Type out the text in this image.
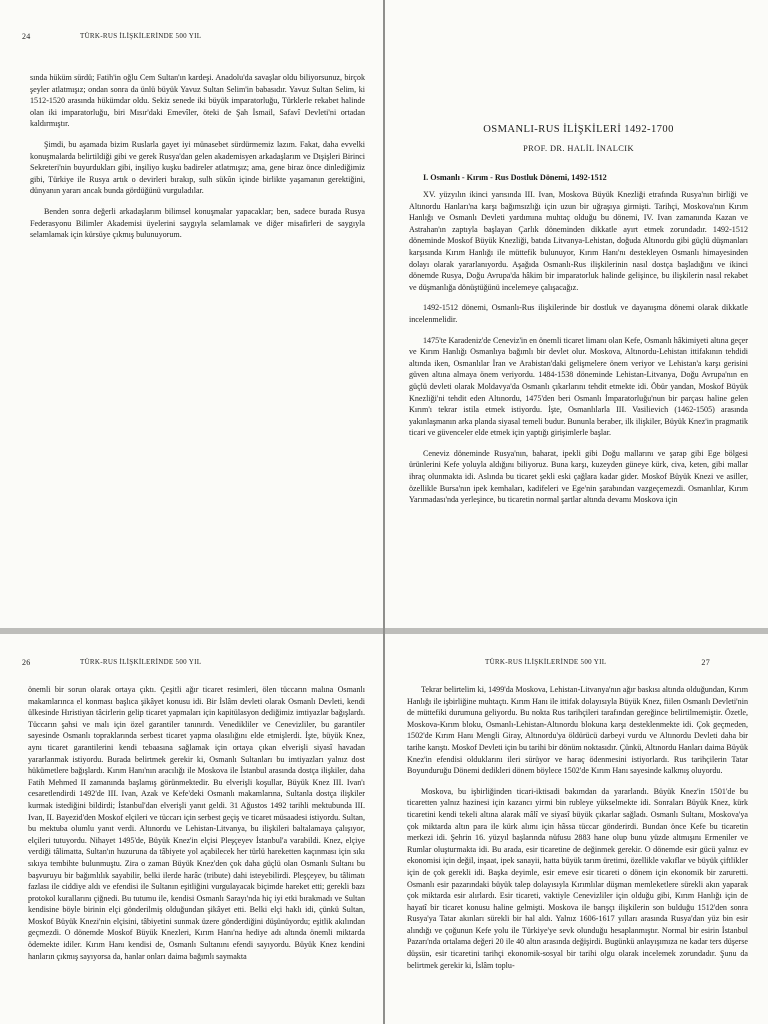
24	TÜRK-RUS İLİŞKİLERİNDE 500 YIL

sında hüküm sürdü; Fatih'in oğlu Cem Sultan'ın kardeşi. Anadolu'da savaşlar oldu biliyorsunuz, birçok şeyler atlatmışız; ondan sonra da ünlü büyük Yavuz Sultan Selim'in babasıdır. Yavuz Sultan Selim, ki 1512-1520 arasında hükümdar oldu. Sekiz senede iki büyük imparatorluğu, Türklerle rekabet halinde olan iki imparatorluğu, biri Mısır'daki Emevîler, öteki de Şah İsmail, Safavî Devleti'ni ortadan kaldırmıştır.

Şimdi, bu aşamada bizim Ruslarla gayet iyi münasebet sürdürmemiz lazım. Fakat, daha evvelki konuşmalarda belirtildiği gibi ve gerek Rusya'dan gelen akademisyen arkadaşlarım ve Dışişleri Birinci Sekreteri'nin buyurdukları gibi, inşiliyo kuşku badireler atlatmışız; ama, gene biraz önce dinlediğimiz gibi, Türkiye ile Rusya artık o devirleri bırakıp, sulh sükûn içinde birlikte yaşamanın gerektiğini, dünyanın yararı ancak bunda gördüğünü vurguladılar.

Benden sonra değerli arkadaşlarım bilimsel konuşmalar yapacaklar; ben, sadece burada Rusya Federasyonu Bilimler Akademisi üyelerini saygıyla selamlamak ve diğer misafirleri de saygıyla selamlamak için kürsüye çıkmış bulunuyorum.

OSMANLI-RUS İLİŞKİLERİ 1492-1700
PROF. DR. HALİL İNALCIK
I. Osmanlı - Kırım - Rus Dostluk Dönemi, 1492-1512

XV. yüzyılın ikinci yarısında III. Ivan, Moskova Büyük Knezliği etrafında Rusya'nın birliği ve Altınordu Hanları'na karşı bağımsızlığı için uzun bir uğraşıya girmişti. Tarihçi, Moskova'nın Kırım Hanlığı ve Osmanlı Devleti yardımına muhtaç olduğu bu dönemi, IV. Ivan zamanında Kazan ve Astrahan'ın zaptıyla başlayan Çarlık döneminden dikkatle ayırt etmek zorundadır. 1492-1512 döneminde Moskof Büyük Knezliği, batıda Litvanya-Lehistan, doğuda Altınordu gibi güçlü düşmanları karşısında Kırım Hanlığı ile müttefik bulunuyor, Kırım Hanı'nı destekleyen Osmanlı himayesinden dolayı olarak yararlanıyordu. Aşağıda Osmanlı-Rus ilişkilerinin nasıl dostça başladığını ve ikinci dönemde Rusya, Doğu Avrupa'da hâkim bir imparatorluk halinde gelişince, bu ilişkilerin nasıl rekabet ve düşmanlığa dönüştüğünü incelemeye çalışacağız.

1492-1512 dönemi, Osmanlı-Rus ilişkilerinde bir dostluk ve dayanışma dönemi olarak dikkatle incelenmelidir.

1475'te Karadeniz'de Ceneviz'in en önemli ticaret limanı olan Kefe, Osmanlı hâkimiyeti altına geçer ve Kırım Hanlığı Osmanlıya bağımlı bir devlet olur. Moskova, Altınordu-Lehistan ittifakının tehdidi altında iken, Osmanlılar İran ve Arabistan'daki gelişmelere önem veriyor ve Lehistan'a karşı gerisini güven altına almaya önem veriyordu. 1484-1538 döneminde Lehistan-Litvanya, Doğu Avrupa'nın en güçlü devleti olarak Moldavya'da Osmanlı çıkarlarını tehdit etmekte idi. Öbür yandan, Moskof Büyük Knezliği'ni tehdit eden Altınordu, 1475'den beri Osmanlı İmparatorluğu'nun bir parçası haline gelen Kırım'ı tekrar istila etmek istiyordu. İşte, Osmanlılarla III. Vasilievich (1462-1505) arasında yakınlaşmanın arka planda siyasal temeli budur. Bununla beraber, ilk ilişkiler, Büyük Knez'in pragmatik ticari ve güvenceler elde etmek için yaptığı girişimlerle başlar.

Ceneviz döneminde Rusya'nın, baharat, ipekli gibi Doğu mallarını ve şarap gibi Ege bölgesi ürünlerini Kefe yoluyla aldığını biliyoruz. Buna karşı, kuzeyden güneye kürk, civa, keten, gibi mallar ihraç olunmakta idi. Aslında bu ticaret şekli eski çağlara kadar gider. Moskof Büyük Knezi ve asiller, özellikle Bursa'nın ipek kemhaları, kadifeleri ve Ege'nin şarabından vazgeçemezdi. Osmanlılar, Kırım Yarımadası'nda yerleşince, bu ticaretin normal şartlar altında devamı Moskova için

26	TÜRK-RUS İLİŞKİLERİNDE 500 YIL

önemli bir sorun olarak ortaya çıktı. Çeşitli ağır ticaret resimleri, ölen tüccarın malına Osmanlı makamlarınca el konması başlıca şikâyet konusu idi. Bir İslâm devleti olarak Osmanlı Devleti, kendi ülkesinde Hıristiyan tâcirlerin gelip ticaret yapmaları için kapitülasyon dediğimiz imtiyazlar bağışlardı. Tüccarın şahsi ve malı için özel garantiler tanınırdı. Venedikliler ve Cenevizliler, bu garantiler sayesinde Osmanlı topraklarında serbest ticaret yapma olasılığını elde etmişlerdi. İşte, büyük Knez, aynı ticaret garantilerini kendi tebaasına sağlamak için ortaya çıkan elverişli siyasî havadan yararlanmak istiyordu. Burada belirtmek gerekir ki, Osmanlı Sultanları bu imtiyazları yalnız dost hükümetlere bağışlardı. Kırım Hanı'nın aracılığı ile Moskova ile İstanbul arasında dostça ilişkiler, daha Fatih Mehmed II zamanında başlamış görünmektedir. Bu elverişli koşullar, Büyük Knez III. Ivan'ı cesaretlendirdi 1492'de III. Ivan, Azak ve Kefe'deki Osmanlı makamlarına, Sultanla dostça ilişkiler kurmak istediğini bildirdi; İstanbul'dan elverişli yanıt geldi. 31 Ağustos 1492 tarihli mektubunda III. Ivan, II. Bayezid'den Moskof elçileri ve tüccarı için serbest geçiş ve ticaret müsaadesi istiyordu. Sultan, bu mektuba olumlu yanıt verdi. Altınordu ve Lehistan-Litvanya, bu ilişkileri baltalamaya çalışıyor, elçileri tutuyordu. Nihayet 1495'de, Büyük Knez'in elçisi Pleşçeyev İstanbul'a varabildi. Knez, elçiye verdiği tâlimatta, Sultan'ın huzuruna da tâbiyete yol açabilecek her türlü hareketten kaçınması için sıkı sıkıya tembihte bulunmuştu. Zira o zaman Büyük Knez'den çok daha güçlü olan Osmanlı Sultanı bu başvuruyu bir bağımlılık sayabilir, belki ilerde harâc (tribute) dahi isteyebilirdi. Pleşçeyev, bu tâlimatı fazlası ile ciddiye aldı ve efendisi ile Sultanın eşitliğini vurgulayacak biçimde hareket etti; gerekli bazı protokol kurallarını çiğnedi. Bu tutumu ile, kendisi Osmanlı Sarayı'nda hiç iyi etki bırakmadı ve Sultan kendisine böyle birinin elçi gönderilmiş olduğundan şikâyet etti. Belki elçi haklı idi, çünkü Sultan, Moskof Büyük Knezi'nin elçisini, tâbiyetini sunmak üzere gönderdiğini düşünüyordu; eşitlik akılından geçmezdi. O dönemde Moskof Büyük Knezleri, Kırım Hanı'na hediye adı altında önemli miktarda ödemekte idiler. Kırım Hanı kendisi de, Osmanlı Sultanını efendi sayıyordu. Büyük Knez kendini hanların çıkmış sayıyorsa da, hanlar onları daima bağımlı saymakta

TÜRK-RUS İLİŞKİLERİNDE 500 YIL	27

Tekrar belirtelim ki, 1499'da Moskova, Lehistan-Litvanya'nın ağır baskısı altında olduğundan, Kırım Hanlığı ile işbirliğine muhtaçtı. Kırım Hanı ile ittifak dolayısıyla Büyük Knez, fiilen Osmanlı Devleti'nin de müttefiki durumuna geliyordu. Bu nokta Rus tarihçileri tarafından gereğince belirtilmemiştir. Özetle, Moskova-Kırım bloku, Osmanlı-Lehistan-Altınordu blokuna karşı desteklenmekte idi. Çok geçmeden, 1502'de Kırım Hanı Mengli Giray, Altınordu'ya öldürücü darbeyi vurdu ve Altınordu Devleti daha bir tarihe karıştı. Moskof Devleti için bu tarihi bir dönüm noktasıdır. Çünkü, Altınordu Hanları daima Büyük Knez'in efendisi olduklarını ileri sürüyor ve haraç ödenmesini istiyorlardı. Rus tarihçilerin Tatar Boyunduruğu Dönemi dedikleri dönem böylece 1502'de Kırım Hanı sayesinde kalkmış oluyordu.

Moskova, bu işbirliğinden ticari-iktisadi bakımdan da yararlandı. Büyük Knez'in 1501'de bu ticaretten yalnız hazinesi için kazancı yirmi bin rubleye yükselmekte idi. Sonraları Büyük Knez, kürk ticaretini kendi tekeli altına alarak mâlî ve siyasî büyük çıkarlar sağladı. Osmanlı Sultanı, Moskova'ya çok miktarda altın para ile kürk alımı için hâssa tüccar gönderirdi. Bundan önce Kefe bu ticaretin merkezi idi. Şehrin 16. yüzyıl başlarında nüfusu 2883 hane olup bunu yüzde altmışını Ermeniler ve Rumlar oluşturmakta idi. Bu arada, esir ticaretine de değinmek gerekir. O dönemde esir gücü yalnız ev ekonomisi için değil, inşaat, ipek sanayii, hatta büyük tarım üretimi, özellikle vakıflar ve büyük çiftlikler için de çok gerekli idi. Başka deyimle, esir emeve esir ticareti o dönem için ekonomik bir zaruretti. Osmanlı esir pazarındaki büyük talep dolayısıyla Kırımlılar düşman memleketlere sürekli akın yaparak çok miktarda esir alırlardı. Esir ticareti, vaktiyle Cenevizliler için olduğu gibi, Kırım Hanlığı için de hayatî bir ticaret konusu haline gelmişti. Moskova ile barışçı ilişkilerin son bulduğu 1512'den sonra Rusya'ya Tatar akınları sürekli bir hal aldı. Yalnız 1606-1617 yılları arasında Rusya'dan yüz bin esir alındığı ve çoğunun Kefe yolu ile Türkiye'ye sevk olunduğu hesaplanmıştır. Normal bir esirin İstanbul Pazarı'nda ortalama değeri 20 ile 40 altın arasında değişirdi. Bugünkü anlayışımıza ne kadar ters düşerse düşsün, esir ticaretini tarihçi ekonomik-sosyal bir tarihi olgu olarak incelemek zorundadır. Şunu da belirtmek gerekir ki, İslâm toplu-
